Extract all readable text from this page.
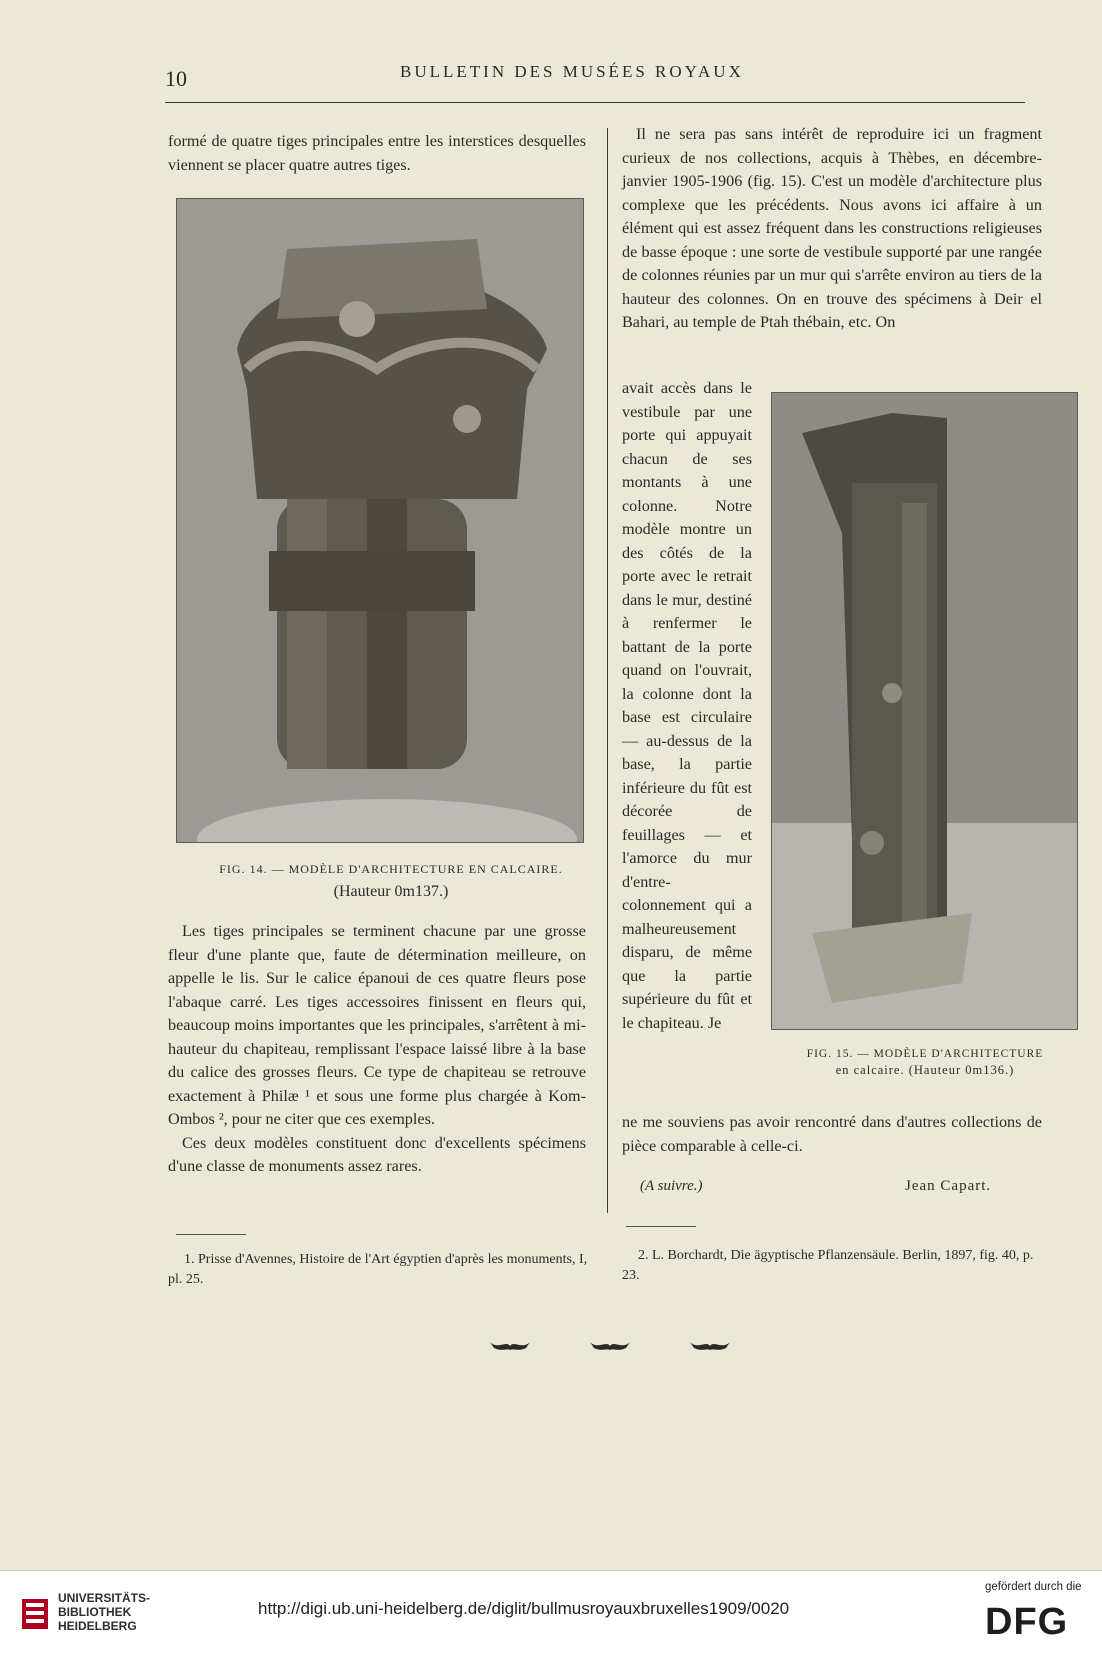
10	BULLETIN DES MUSÉES ROYAUX

formé de quatre tiges principales entre les interstices desquelles viennent se placer quatre autres tiges.

FIG. 14. — MODÈLE D'ARCHITECTURE EN CALCAIRE.
(Hauteur 0m137.)

Les tiges principales se terminent chacune par une grosse fleur d'une plante que, faute de détermination meilleure, on appelle le lis. Sur le calice épanoui de ces quatre fleurs pose l'abaque carré. Les tiges accessoires finissent en fleurs qui, beaucoup moins importantes que les principales, s'arrêtent à mi-hauteur du chapiteau, remplissant l'espace laissé libre à la base du calice des grosses fleurs. Ce type de chapiteau se retrouve exactement à Philæ ¹ et sous une forme plus chargée à Kom-Ombos ², pour ne citer que ces exemples.

Ces deux modèles constituent donc d'excellents spécimens d'une classe de monuments assez rares.

1. Prisse d'Avennes, Histoire de l'Art égyptien d'après les monuments, I, pl. 25.

Il ne sera pas sans intérêt de reproduire ici un fragment curieux de nos collections, acquis à Thèbes, en décembre-janvier 1905-1906 (fig. 15). C'est un modèle d'architecture plus complexe que les précédents. Nous avons ici affaire à un élément qui est assez fréquent dans les constructions religieuses de basse époque : une sorte de vestibule supporté par une rangée de colonnes réunies par un mur qui s'arrête environ au tiers de la hauteur des colonnes. On en trouve des spécimens à Deir el Bahari, au temple de Ptah thébain, etc. On

avait accès dans le vestibule par une porte qui appuyait chacun de ses montants à une colonne. Notre modèle montre un des côtés de la porte avec le retrait dans le mur, destiné à renfermer le battant de la porte quand on l'ouvrait, la colonne dont la base est circulaire — au-dessus de la base, la partie inférieure du fût est décorée de feuillages — et l'amorce du mur d'entre-colonnement qui a malheureusement disparu, de même que la partie supérieure du fût et le chapiteau. Je

FIG. 15. — MODÈLE D'ARCHITECTURE
en calcaire. (Hauteur 0m136.)

ne me souviens pas avoir rencontré dans d'autres collections de pièce comparable à celle-ci.

(A suivre.)	Jean Capart.
2. L. Borchardt, Die ägyptische Pflanzensäule. Berlin, 1897, fig. 40, p. 23.
UNIVERSITÄTS-
BIBLIOTHEK
HEIDELBERG
http://digi.ub.uni-heidelberg.de/diglit/bullmusroyauxbruxelles1909/0020
gefördert durch die
DFG
